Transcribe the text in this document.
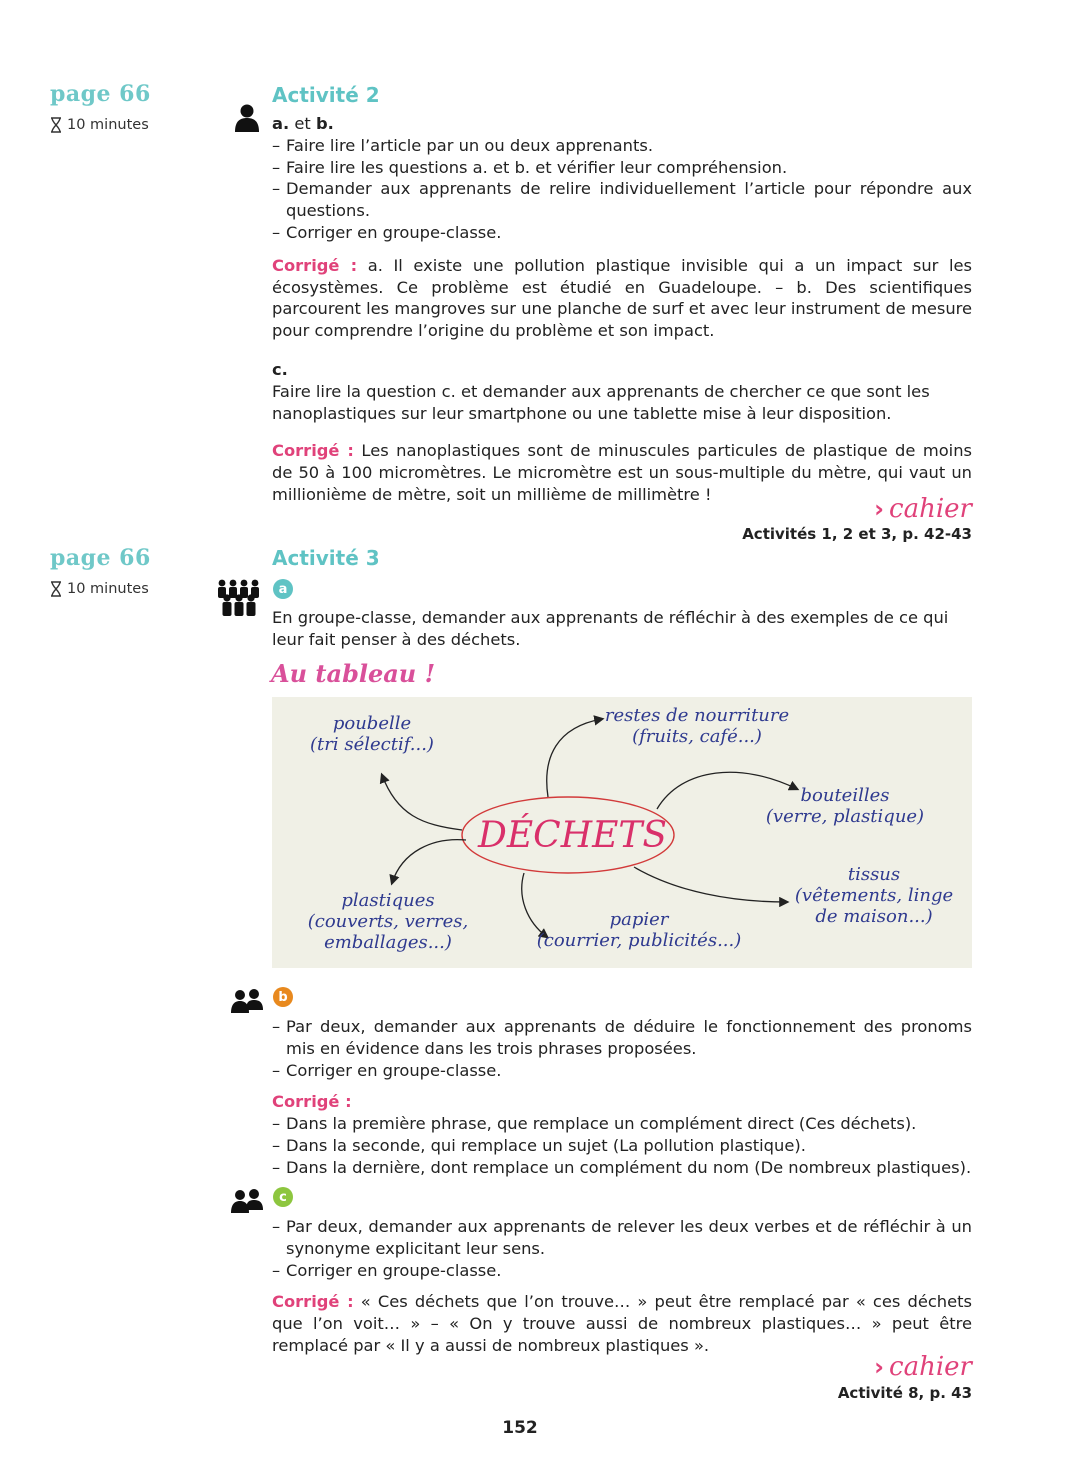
page 66
10 minutes
Activité 2

a. et b.

– Faire lire l’article par un ou deux apprenants.

– Faire lire les questions a. et b. et vérifier leur compréhension.

– Demander aux apprenants de relire individuellement l’article pour répondre aux questions.

– Corriger en groupe-classe.

Corrigé : a. Il existe une pollution plastique invisible qui a un impact sur les écosystèmes. Ce problème est étudié en Guadeloupe. – b. Des scientifiques parcourent les mangroves sur une planche de surf et avec leur instrument de mesure pour comprendre l’origine du problème et son impact.

c.

Faire lire la question c. et demander aux apprenants de chercher ce que sont les nanoplastiques sur leur smartphone ou une tablette mise à leur disposition.

Corrigé : Les nanoplastiques sont de minuscules particules de plastique de moins de 50 à 100 micromètres. Le micromètre est un sous-multiple du mètre, qui vaut un millionième de mètre, soit un millième de millimètre !

› cahier
Activités 1, 2 et 3, p. 42-43
page 66
10 minutes
Activité 3
a

En groupe-classe, demander aux apprenants de réfléchir à des exemples de ce qui leur fait penser à des déchets.

Au tableau !
DÉCHETS
poubelle
(tri sélectif...)
restes de nourriture
(fruits, café...)
bouteilles
(verre, plastique)
tissus
(vêtements, linge
de maison...)
papier
(courrier, publicités...)
plastiques
(couverts, verres,
emballages...)
b

– Par deux, demander aux apprenants de déduire le fonctionnement des pronoms mis en évidence dans les trois phrases proposées.

– Corriger en groupe-classe.

Corrigé :

– Dans la première phrase, que remplace un complément direct (Ces déchets).

– Dans la seconde, qui remplace un sujet (La pollution plastique).

– Dans la dernière, dont remplace un complément du nom (De nombreux plastiques).

c

– Par deux, demander aux apprenants de relever les deux verbes et de réfléchir à un synonyme explicitant leur sens.

– Corriger en groupe-classe.

Corrigé : « Ces déchets que l’on trouve… » peut être remplacé par « ces déchets que l’on voit… » – « On y trouve aussi de nombreux plastiques… » peut être remplacé par « Il y a aussi de nombreux plastiques ».

› cahier
Activité 8, p. 43
152
